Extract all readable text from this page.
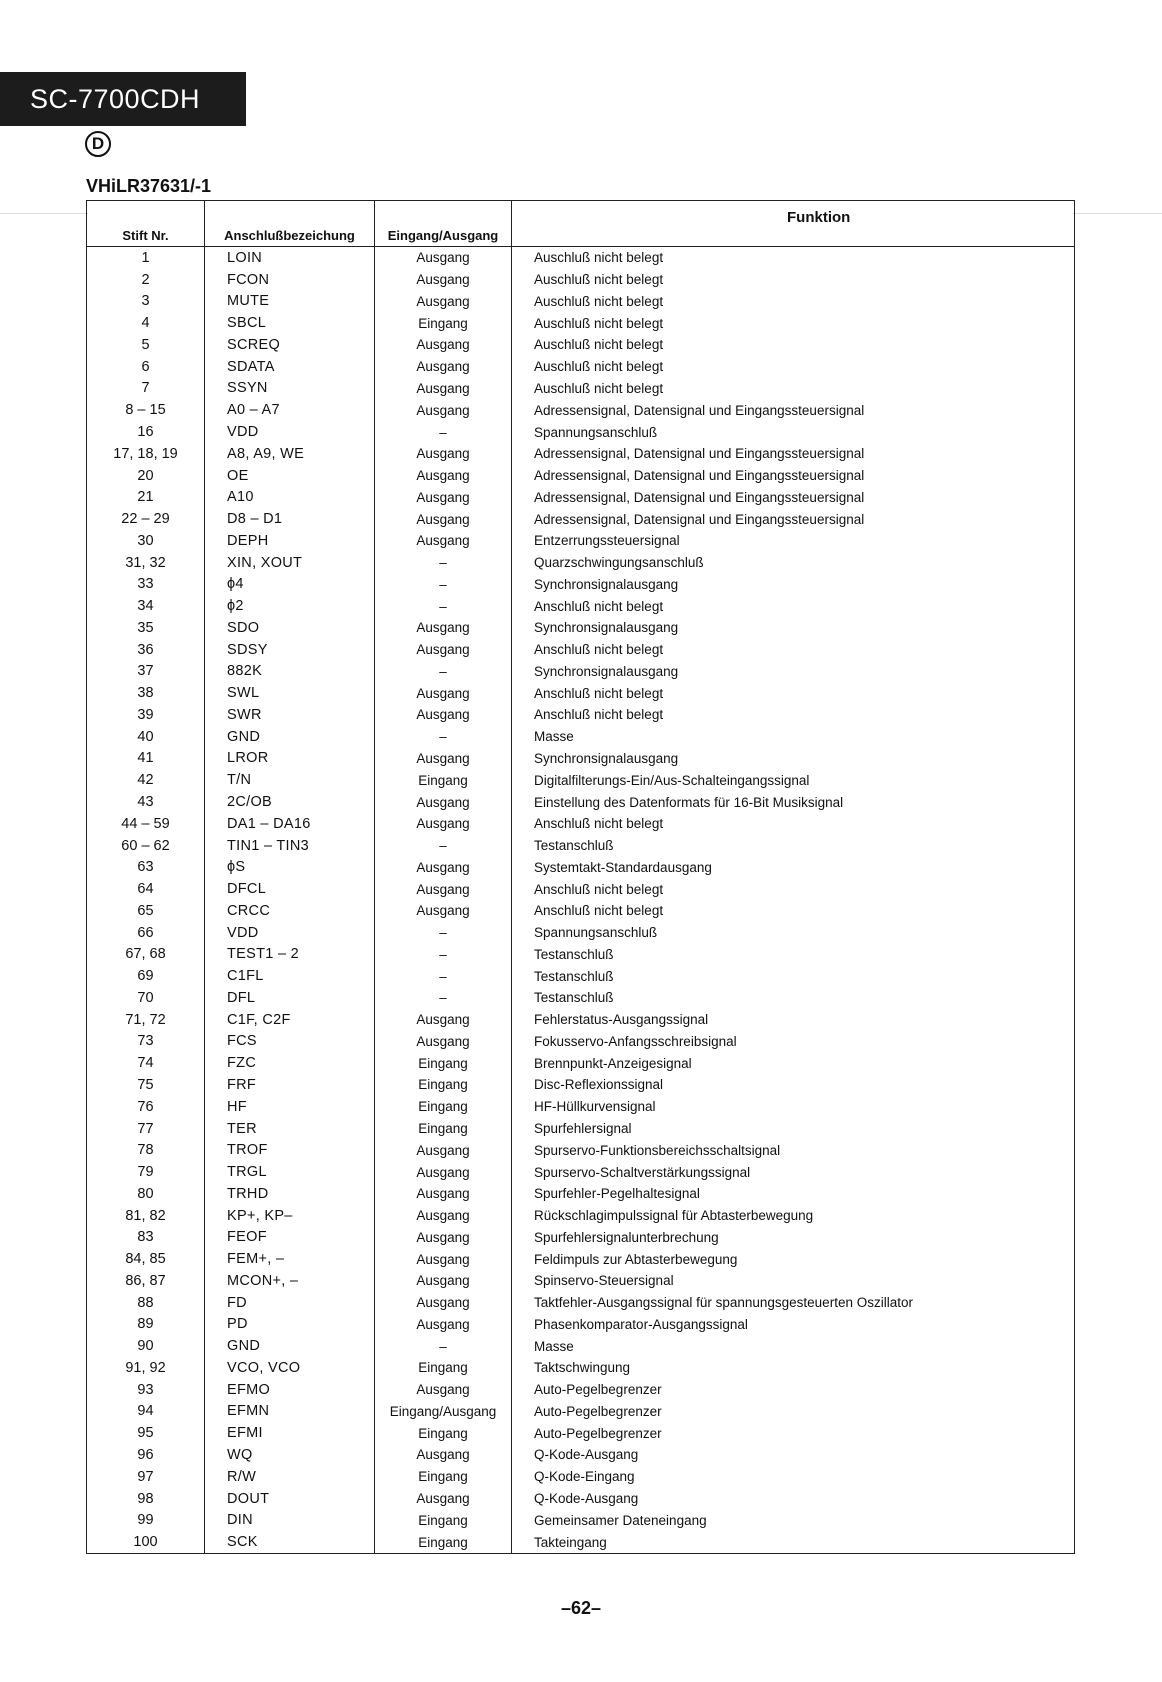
SC-7700CDH
D
VHiLR37631/-1
Stift Nr.	Anschlußbezeichung	Eingang/Ausgang	Funktion
1	LOIN	Ausgang	Auschluß nicht belegt
2	FCON	Ausgang	Auschluß nicht belegt
3	MUTE	Ausgang	Auschluß nicht belegt
4	SBCL	Eingang	Auschluß nicht belegt
5	SCREQ	Ausgang	Auschluß nicht belegt
6	SDATA	Ausgang	Auschluß nicht belegt
7	SSYN	Ausgang	Auschluß nicht belegt
8 – 15	A0 – A7	Ausgang	Adressensignal, Datensignal und Eingangssteuersignal
16	VDD	–	Spannungsanschluß
17, 18, 19	A8, A9, WE	Ausgang	Adressensignal, Datensignal und Eingangssteuersignal
20	OE	Ausgang	Adressensignal, Datensignal und Eingangssteuersignal
21	A10	Ausgang	Adressensignal, Datensignal und Eingangssteuersignal
22 – 29	D8 – D1	Ausgang	Adressensignal, Datensignal und Eingangssteuersignal
30	DEPH	Ausgang	Entzerrungssteuersignal
31, 32	XIN, XOUT	–	Quarzschwingungsanschluß
33	ϕ4	–	Synchronsignalausgang
34	ϕ2	–	Anschluß nicht belegt
35	SDO	Ausgang	Synchronsignalausgang
36	SDSY	Ausgang	Anschluß nicht belegt
37	882K	–	Synchronsignalausgang
38	SWL	Ausgang	Anschluß nicht belegt
39	SWR	Ausgang	Anschluß nicht belegt
40	GND	–	Masse
41	LROR	Ausgang	Synchronsignalausgang
42	T/N	Eingang	Digitalfilterungs-Ein/Aus-Schalteingangssignal
43	2C/OB	Ausgang	Einstellung des Datenformats für 16-Bit Musiksignal
44 – 59	DA1 – DA16	Ausgang	Anschluß nicht belegt
60 – 62	TIN1 – TIN3	–	Testanschluß
63	ϕS	Ausgang	Systemtakt-Standardausgang
64	DFCL	Ausgang	Anschluß nicht belegt
65	CRCC	Ausgang	Anschluß nicht belegt
66	VDD	–	Spannungsanschluß
67, 68	TEST1 – 2	–	Testanschluß
69	C1FL	–	Testanschluß
70	DFL	–	Testanschluß
71, 72	C1F, C2F	Ausgang	Fehlerstatus-Ausgangssignal
73	FCS	Ausgang	Fokusservo-Anfangsschreibsignal
74	FZC	Eingang	Brennpunkt-Anzeigesignal
75	FRF	Eingang	Disc-Reflexionssignal
76	HF	Eingang	HF-Hüllkurvensignal
77	TER	Eingang	Spurfehlersignal
78	TROF	Ausgang	Spurservo-Funktionsbereichsschaltsignal
79	TRGL	Ausgang	Spurservo-Schaltverstärkungssignal
80	TRHD	Ausgang	Spurfehler-Pegelhaltesignal
81, 82	KP+, KP–	Ausgang	Rückschlagimpulssignal für Abtasterbewegung
83	FEOF	Ausgang	Spurfehlersignalunterbrechung
84, 85	FEM+, –	Ausgang	Feldimpuls zur Abtasterbewegung
86, 87	MCON+, –	Ausgang	Spinservo-Steuersignal
88	FD	Ausgang	Taktfehler-Ausgangssignal für spannungsgesteuerten Oszillator
89	PD	Ausgang	Phasenkomparator-Ausgangssignal
90	GND	–	Masse
91, 92	VCO, VCO	Eingang	Taktschwingung
93	EFMO	Ausgang	Auto-Pegelbegrenzer
94	EFMN	Eingang/Ausgang	Auto-Pegelbegrenzer
95	EFMI	Eingang	Auto-Pegelbegrenzer
96	WQ	Ausgang	Q-Kode-Ausgang
97	R/W	Eingang	Q-Kode-Eingang
98	DOUT	Ausgang	Q-Kode-Ausgang
99	DIN	Eingang	Gemeinsamer Dateneingang
100	SCK	Eingang	Takteingang
–62–
